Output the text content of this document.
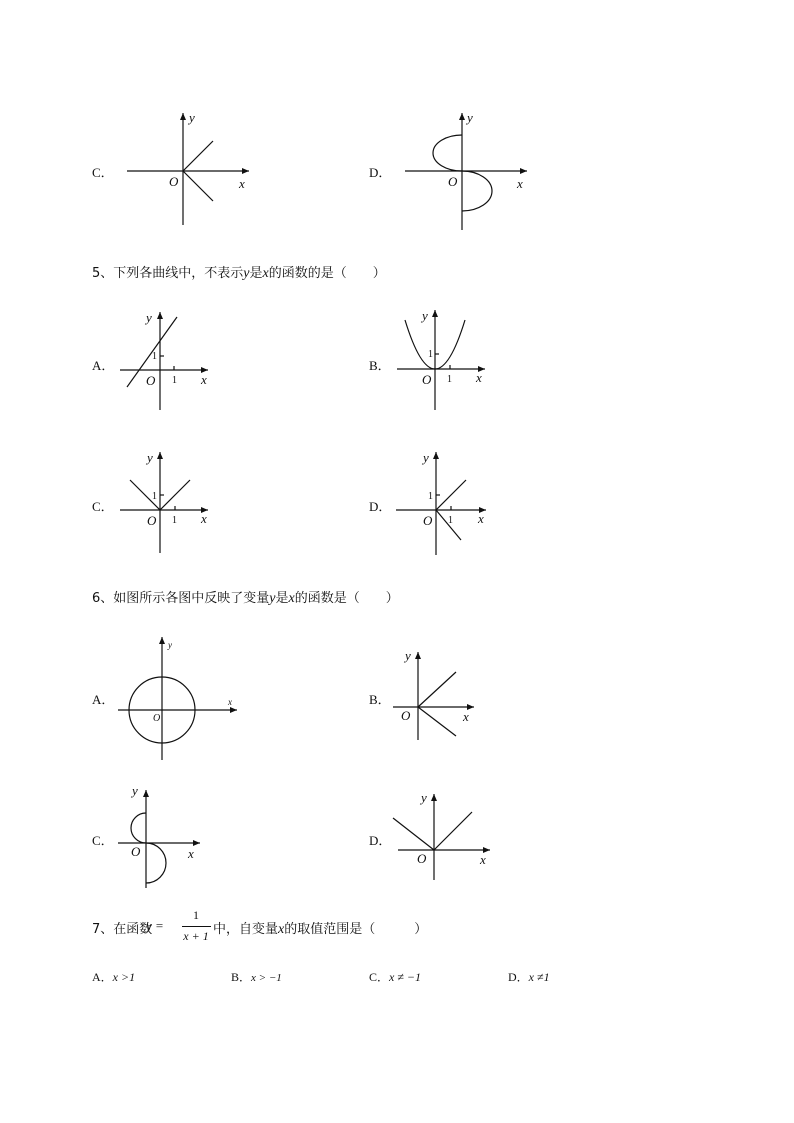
C．
y
x
O
D．
y
x
O
5、下列各曲线中，不表示y是x的函数的是（　　）
A．
y
x
O
1
1
B．
y
x
O
1
1
C．
y
x
O
1
1
D．
y
x
O
1
1
6、如图所示各图中反映了变量y是x的函数是（　　）
A．
y
x
O
B．
y
x
O
C．
y
x
O
D．
y
x
O
7、在函数
y =
1
x + 1 中，自变量x的取值范围是（　　　）
A．x >1	B．x > −1	C．x ≠ −1	D．x ≠1
